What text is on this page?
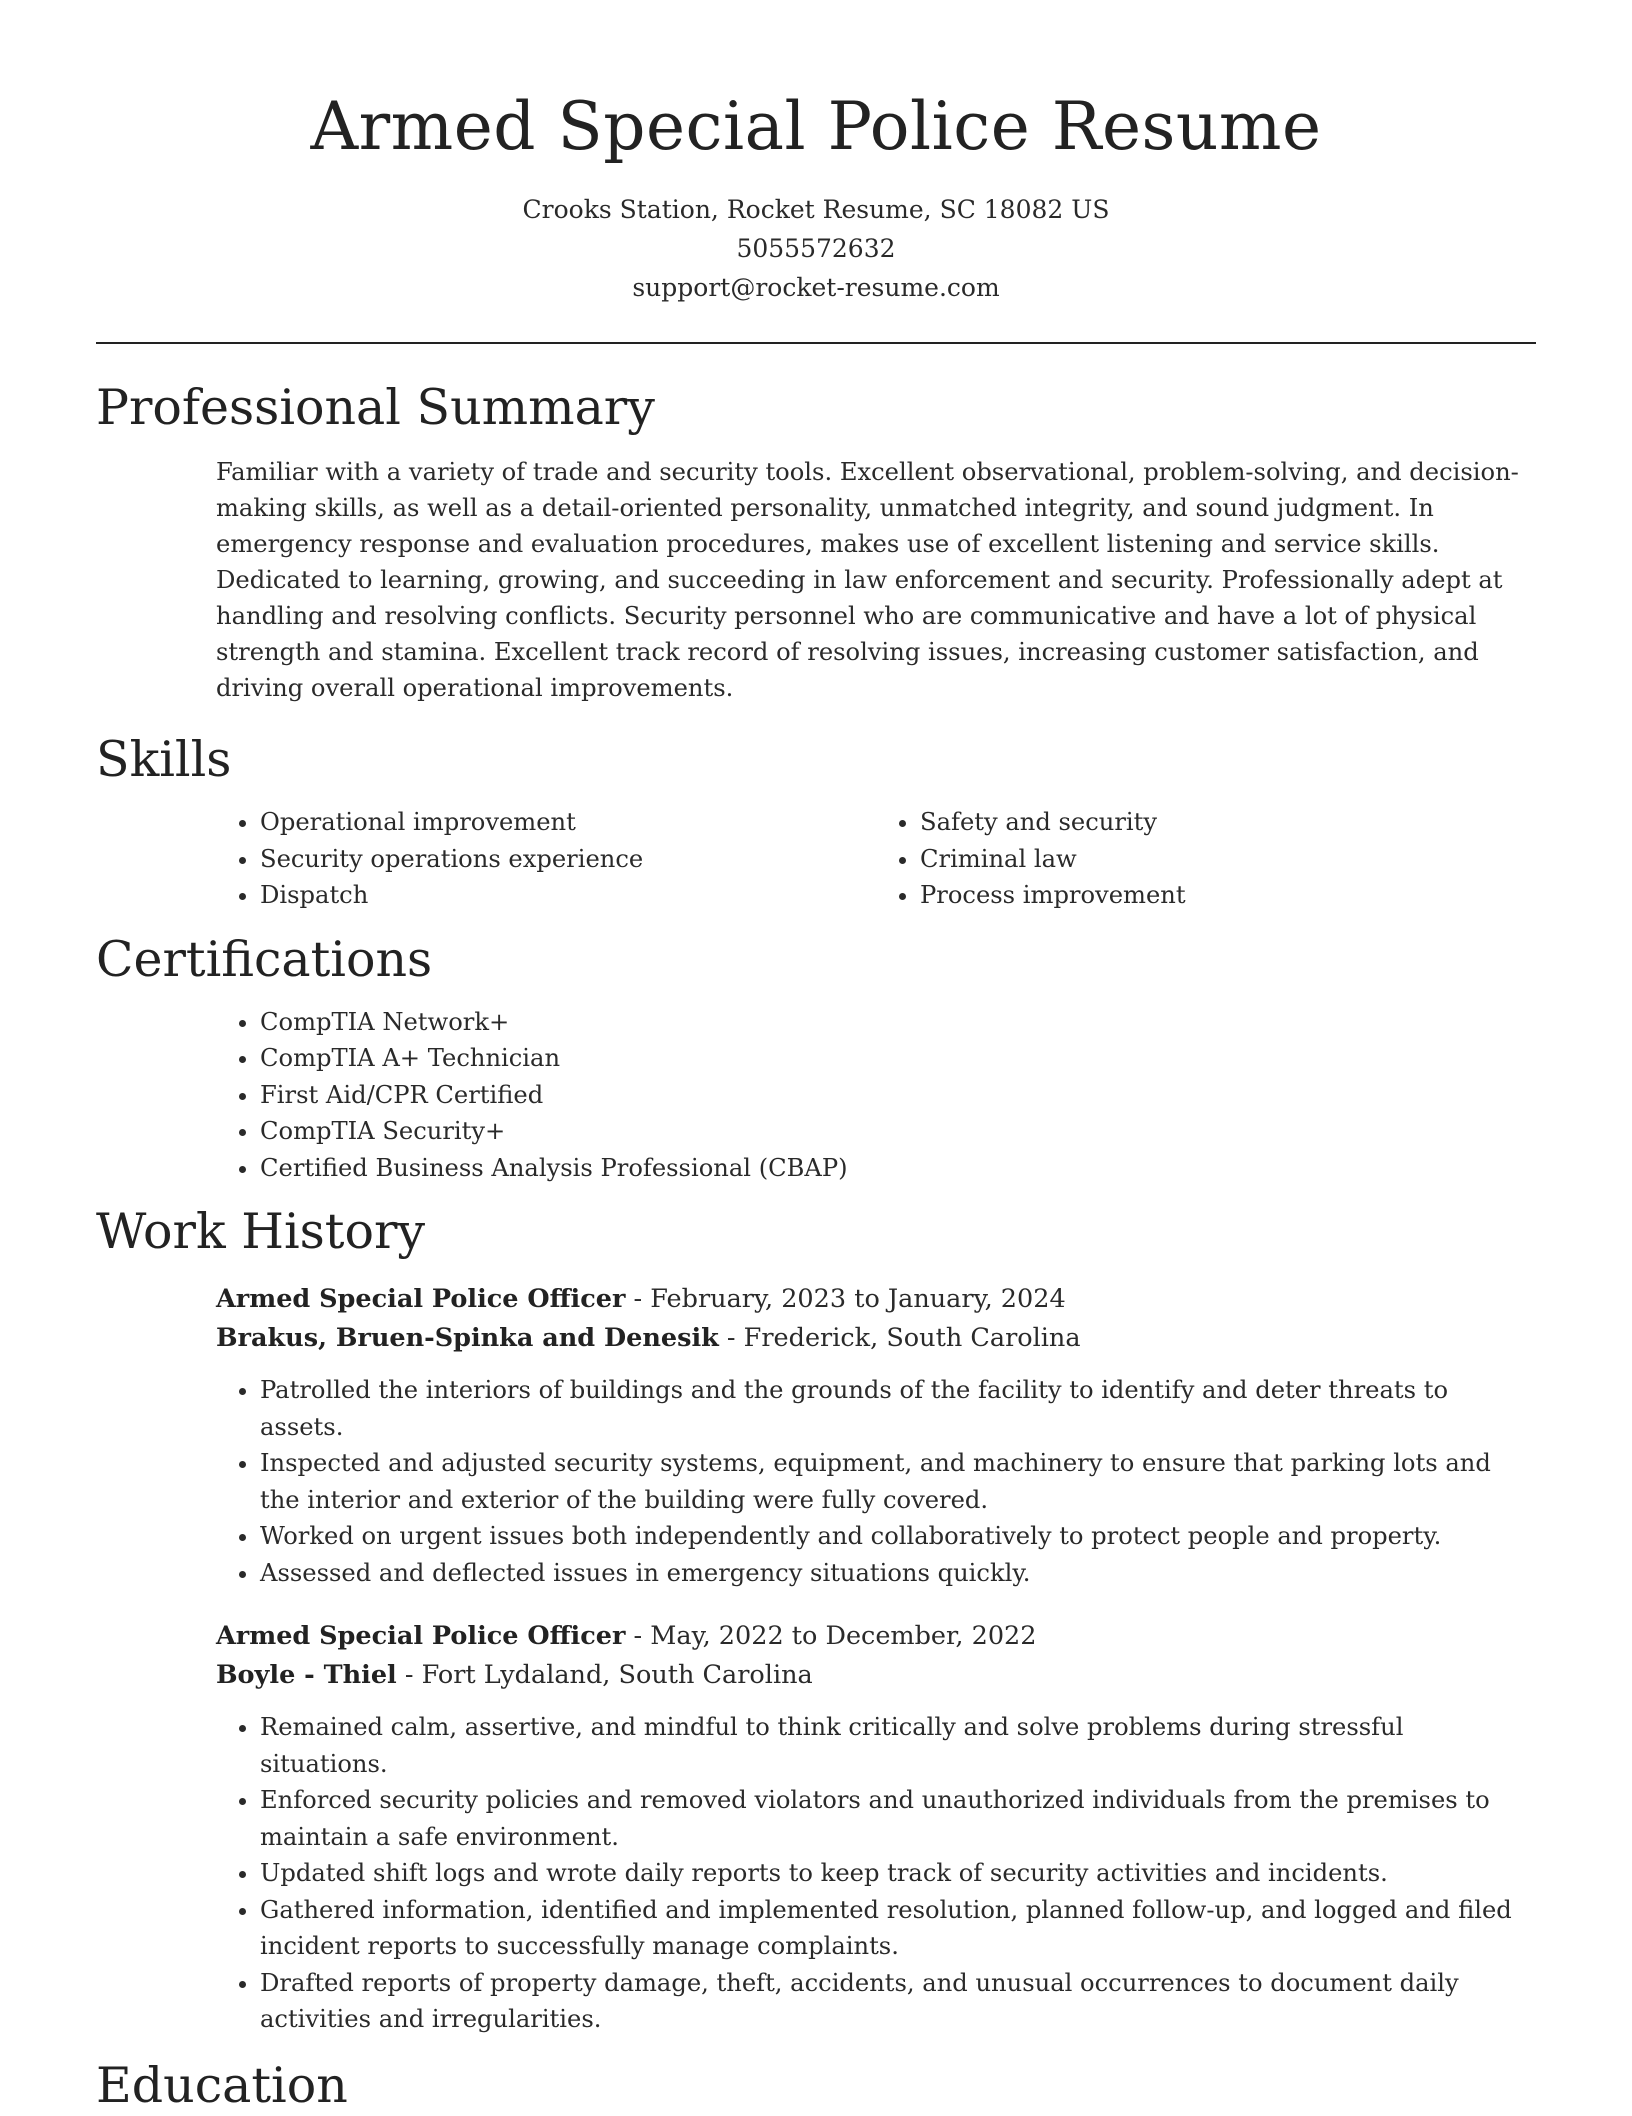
Armed Special Police Resume
Crooks Station, Rocket Resume, SC 18082 US
5055572632
support@rocket-resume.com
Professional Summary

Familiar with a variety of trade and security tools. Excellent observational, problem-solving, and decision-making skills, as well as a detail-oriented personality, unmatched integrity, and sound judgment. In emergency response and evaluation procedures, makes use of excellent listening and service skills. Dedicated to learning, growing, and succeeding in law enforcement and security. Professionally adept at handling and resolving conflicts. Security personnel who are communicative and have a lot of physical strength and stamina. Excellent track record of resolving issues, increasing customer satisfaction, and driving overall operational improvements.

Skills
• Operational improvement
• Security operations experience
• Dispatch
• Safety and security
• Criminal law
• Process improvement
Certifications
• CompTIA Network+
• CompTIA A+ Technician
• First Aid/CPR Certified
• CompTIA Security+
• Certified Business Analysis Professional (CBAP)
Work History
Armed Special Police Officer - February, 2023 to January, 2024
Brakus, Bruen-Spinka and Denesik - Frederick, South Carolina
• Patrolled the interiors of buildings and the grounds of the facility to identify and deter threats to assets.
• Inspected and adjusted security systems, equipment, and machinery to ensure that parking lots and the interior and exterior of the building were fully covered.
• Worked on urgent issues both independently and collaboratively to protect people and property.
• Assessed and deflected issues in emergency situations quickly.
Armed Special Police Officer - May, 2022 to December, 2022
Boyle - Thiel - Fort Lydaland, South Carolina
• Remained calm, assertive, and mindful to think critically and solve problems during stressful situations.
• Enforced security policies and removed violators and unauthorized individuals from the premises to maintain a safe environment.
• Updated shift logs and wrote daily reports to keep track of security activities and incidents.
• Gathered information, identified and implemented resolution, planned follow-up, and logged and filed incident reports to successfully manage complaints.
• Drafted reports of property damage, theft, accidents, and unusual occurrences to document daily activities and irregularities.
Education
